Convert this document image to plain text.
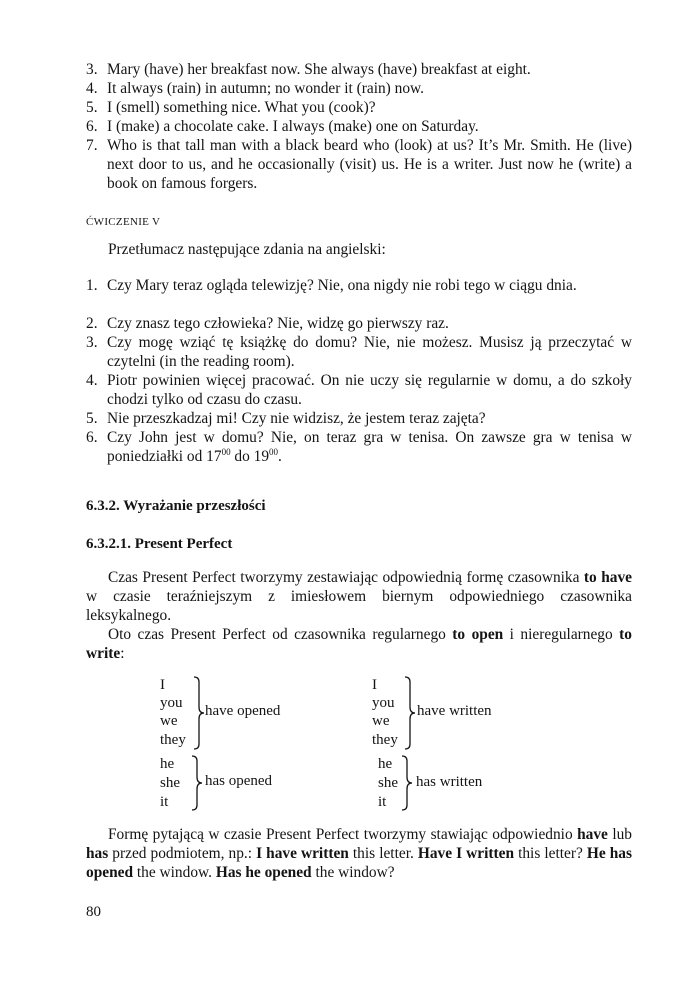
3. Mary (have) her breakfast now. She always (have) breakfast at eight.
4. It always (rain) in autumn; no wonder it (rain) now.
5. I (smell) something nice. What you (cook)?
6. I (make) a chocolate cake. I always (make) one on Saturday.
7. Who is that tall man with a black beard who (look) at us? It’s Mr. Smith. He (live) next door to us, and he occasionally (visit) us. He is a writer. Just now he (write) a book on famous forgers.
ĆWICZENIE V
Przetłumacz następujące zdania na angielski:
1. Czy Mary teraz ogląda telewizję? Nie, ona nigdy nie robi tego w ciągu dnia.
2. Czy znasz tego człowieka? Nie, widzę go pierwszy raz.
3. Czy mogę wziąć tę książkę do domu? Nie, nie możesz. Musisz ją przeczytać w czytelni (in the reading room).
4. Piotr powinien więcej pracować. On nie uczy się regularnie w domu, a do szkoły chodzi tylko od czasu do czasu.
5. Nie przeszkadzaj mi! Czy nie widzisz, że jestem teraz zajęta?
6. Czy John jest w domu? Nie, on teraz gra w tenisa. On zawsze gra w tenisa w poniedziałki od $17^{00}$ do $19^{00}$.
6.3.2. Wyrażanie przeszłości
6.3.2.1. Present Perfect
Czas Present Perfect tworzymy zestawiając odpowiednią formę czasownika to have w czasie teraźniejszym z imiesłowem biernym odpowiedniego czasownika leksykalnego.
Oto czas Present Perfect od czasownika regularnego to open i nieregularnego to write:
I
you
we
they
have opened
he
she
it
has opened
I
you
we
they
have written
he
she
it
has written
Formę pytającą w czasie Present Perfect tworzymy stawiając odpowiednio have lub has przed podmiotem, np.: I have written this letter. Have I written this letter? He has opened the window. Has he opened the window?
80
